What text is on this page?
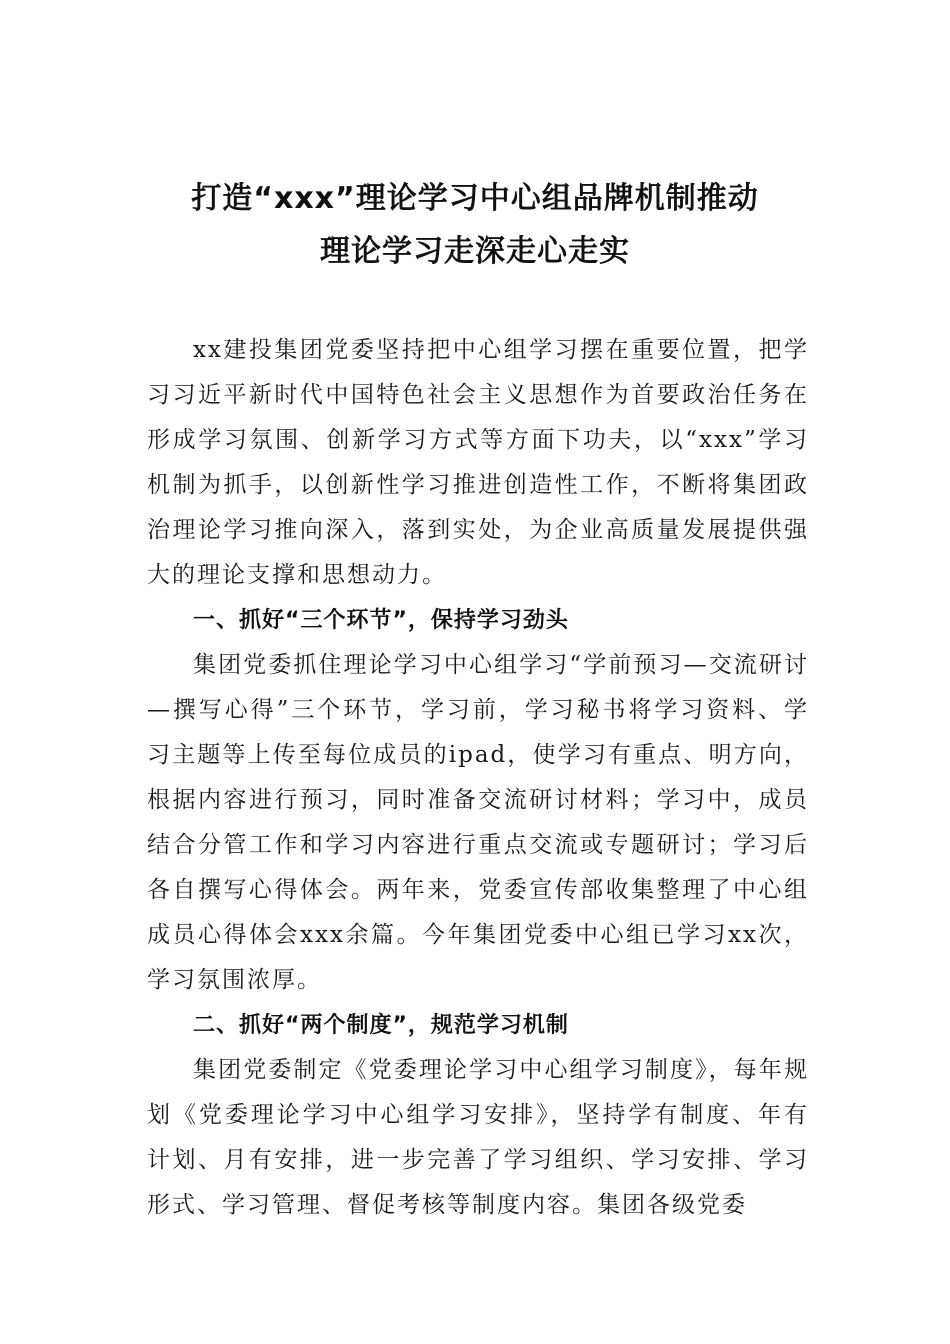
打造“xxx”理论学习中心组品牌机制推动
理论学习走深走心走实

xx建投集团党委坚持把中心组学习摆在重要位置，把学习习近平新时代中国特色社会主义思想作为首要政治任务在形成学习氛围、创新学习方式等方面下功夫，以“xxx”学习机制为抓手，以创新性学习推进创造性工作，不断将集团政治理论学习推向深入，落到实处，为企业高质量发展提供强大的理论支撑和思想动力。

一、抓好“三个环节”，保持学习劲头

集团党委抓住理论学习中心组学习“学前预习—交流研讨—撰写心得”三个环节，学习前，学习秘书将学习资料、学习主题等上传至每位成员的ipad，使学习有重点、明方向，根据内容进行预习，同时准备交流研讨材料；学习中，成员结合分管工作和学习内容进行重点交流或专题研讨；学习后各自撰写心得体会。两年来，党委宣传部收集整理了中心组成员心得体会xxx余篇。今年集团党委中心组已学习xx次，学习氛围浓厚。

二、抓好“两个制度”，规范学习机制

集团党委制定《党委理论学习中心组学习制度》，每年规划《党委理论学习中心组学习安排》，坚持学有制度、年有计划、月有安排，进一步完善了学习组织、学习安排、学习形式、学习管理、督促考核等制度内容。集团各级党委
